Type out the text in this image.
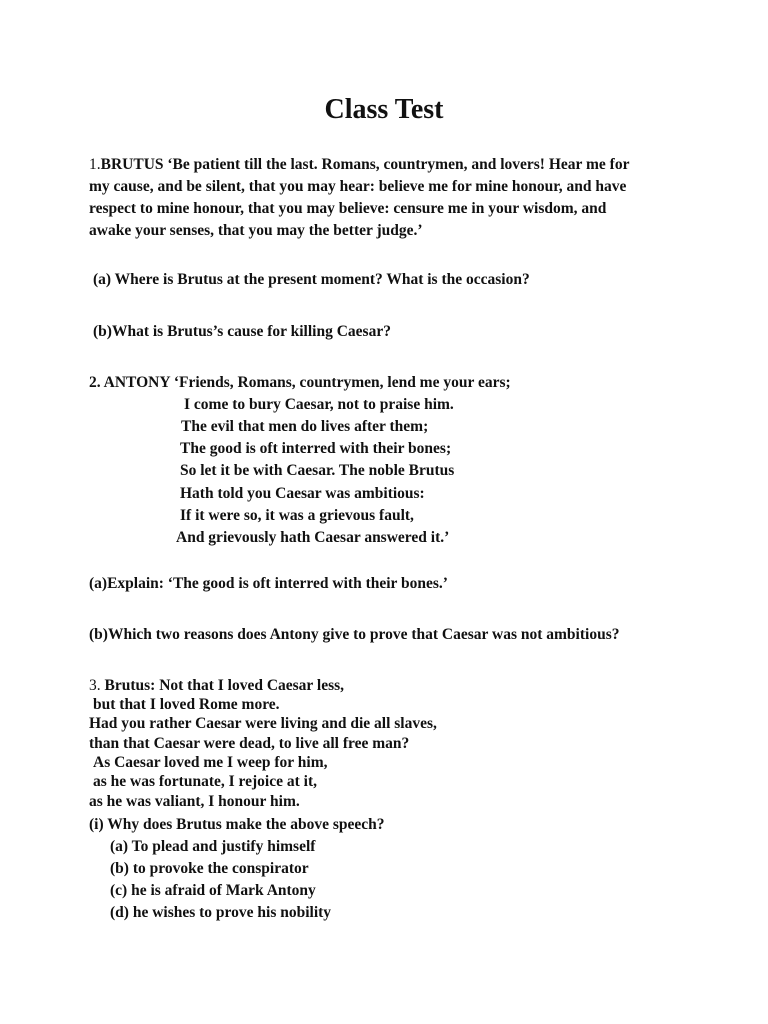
Class Test
1.BRUTUS ‘Be patient till the last. Romans, countrymen, and lovers! Hear me for
my cause, and be silent, that you may hear: believe me for mine honour, and have
respect to mine honour, that you may believe: censure me in your wisdom, and
awake your senses, that you may the better judge.’
(a) Where is Brutus at the present moment? What is the occasion?
(b)What is Brutus’s cause for killing Caesar?
2. ANTONY ‘Friends, Romans, countrymen, lend me your ears;
I come to bury Caesar, not to praise him.
The evil that men do lives after them;
The good is oft interred with their bones;
So let it be with Caesar. The noble Brutus
Hath told you Caesar was ambitious:
If it were so, it was a grievous fault,
And grievously hath Caesar answered it.’
(a)Explain: ‘The good is oft interred with their bones.’
(b)Which two reasons does Antony give to prove that Caesar was not ambitious?
3. Brutus: Not that I loved Caesar less,
but that I loved Rome more.
Had you rather Caesar were living and die all slaves,
than that Caesar were dead, to live all free man?
As Caesar loved me I weep for him,
as he was fortunate, I rejoice at it,
as he was valiant, I honour him.
(i) Why does Brutus make the above speech?
(a) To plead and justify himself
(b) to provoke the conspirator
(c) he is afraid of Mark Antony
(d) he wishes to prove his nobility
